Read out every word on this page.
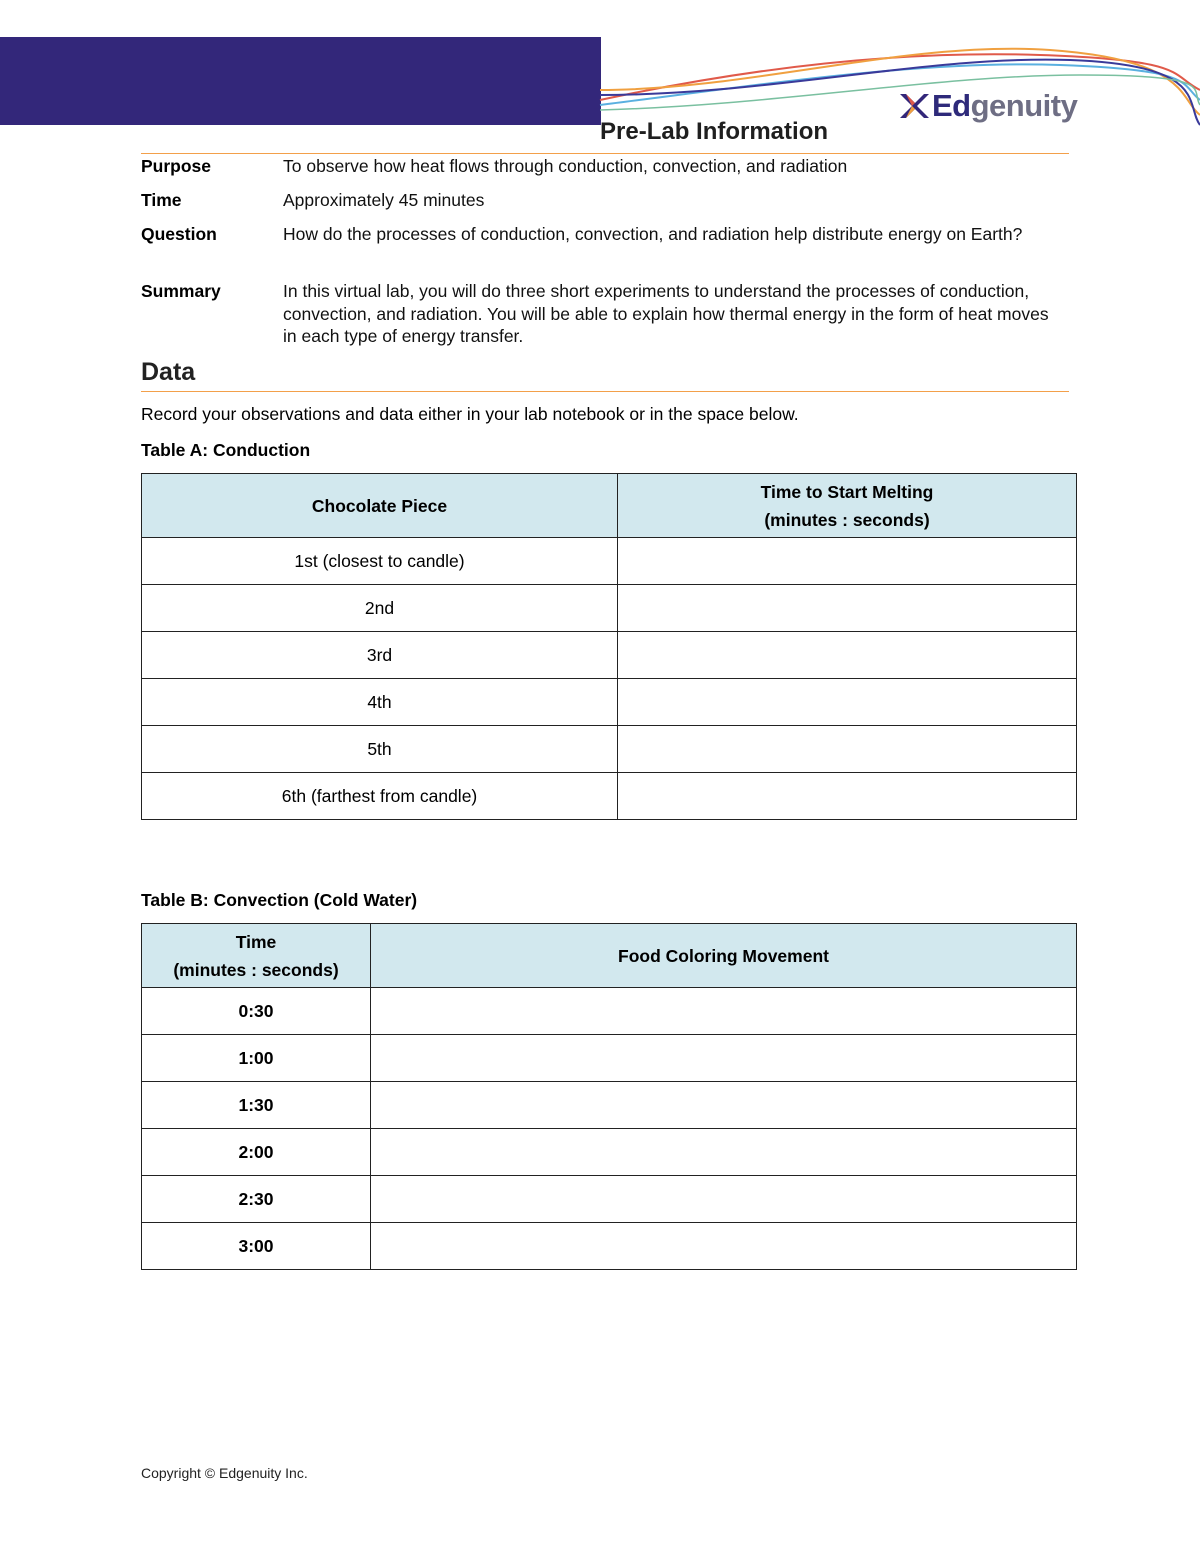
Edgenuity
Pre-Lab Information
Purpose	To observe how heat flows through conduction, convection, and radiation
Time	Approximately 45 minutes
Question	How do the processes of conduction, convection, and radiation help distribute energy on Earth?
Summary	In this virtual lab, you will do three short experiments to understand the processes of conduction, convection, and radiation. You will be able to explain how thermal energy in the form of heat moves in each type of energy transfer.
Data
Record your observations and data either in your lab notebook or in the space below.
Table A: Conduction
Chocolate Piece	Time to Start Melting
(minutes : seconds)

1st (closest to candle)	
2nd	
3rd	
4th	
5th	
6th (farthest from candle)	
Table B: Convection (Cold Water)
Time
(minutes : seconds)	Food Coloring Movement
0:30	
1:00	
1:30	
2:00	
2:30	
3:00	
Copyright © Edgenuity Inc.
